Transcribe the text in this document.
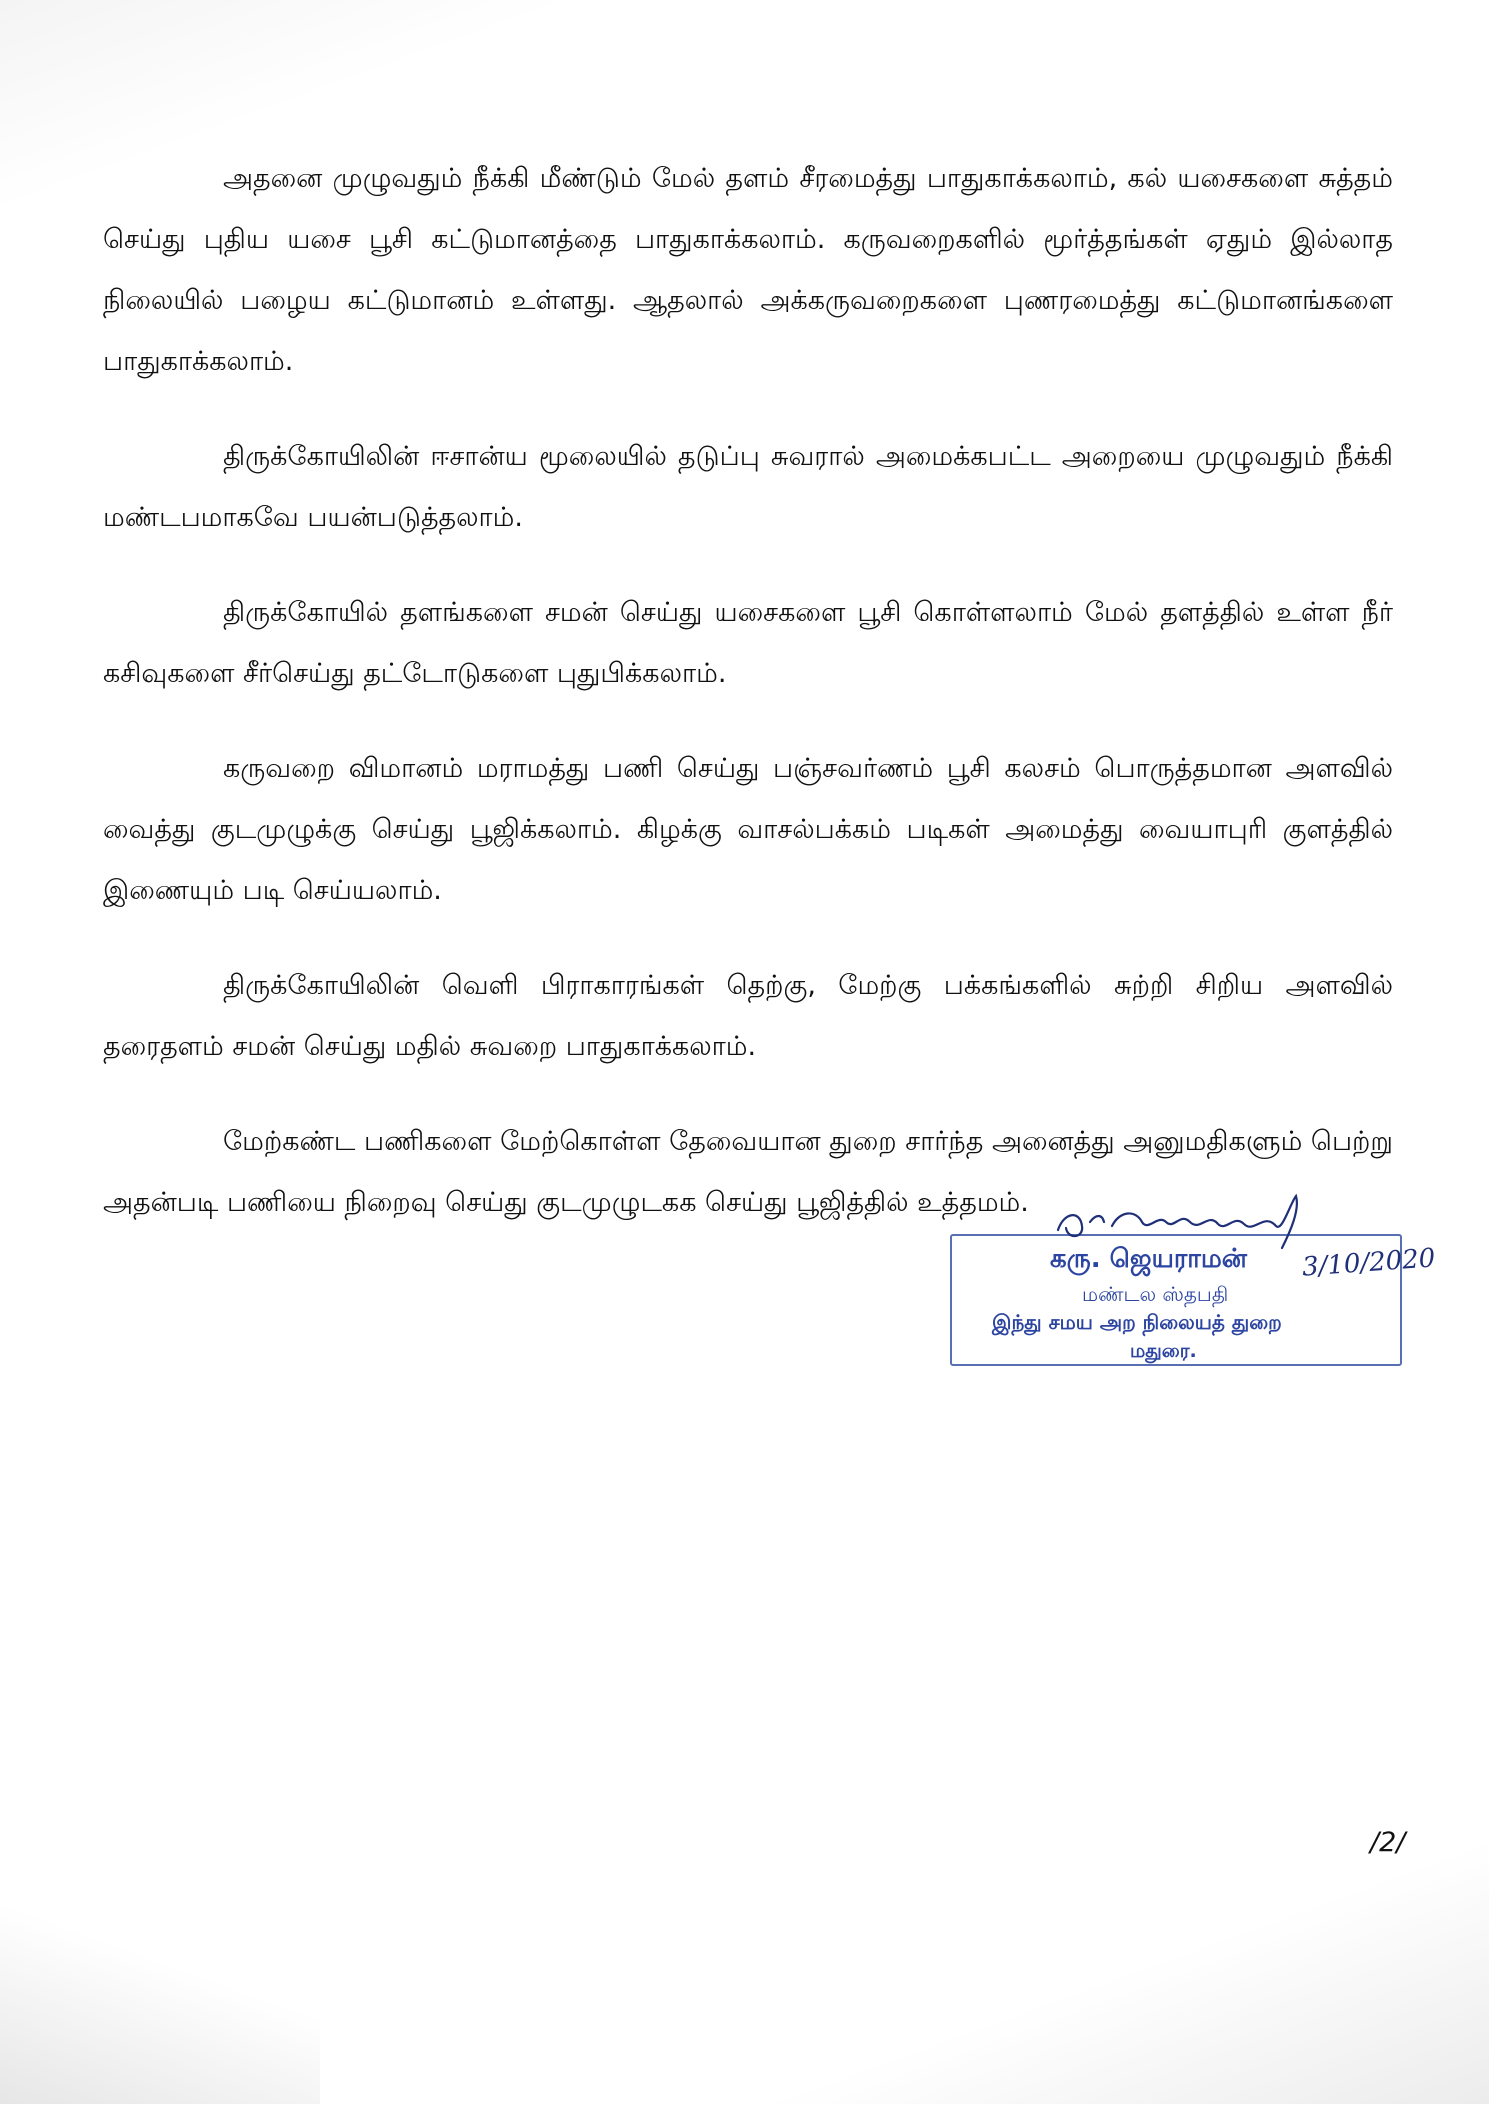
அதனை முழுவதும் நீக்கி மீண்டும் மேல் தளம் சீரமைத்து பாதுகாக்கலாம், கல் யசைகளை சுத்தம் செய்து புதிய யசை பூசி கட்டுமானத்தை பாதுகாக்கலாம். கருவறைகளில் மூர்த்தங்கள் ஏதும் இல்லாத நிலையில் பழைய கட்டுமானம் உள்ளது. ஆதலால் அக்கருவறைகளை புணரமைத்து கட்டுமானங்களை பாதுகாக்கலாம்.

திருக்கோயிலின் ஈசான்ய மூலையில் தடுப்பு சுவரால் அமைக்கபட்ட அறையை முழுவதும் நீக்கி மண்டபமாகவே பயன்படுத்தலாம்.

திருக்கோயில் தளங்களை சமன் செய்து யசைகளை பூசி கொள்ளலாம் மேல் தளத்தில் உள்ள நீர் கசிவுகளை சீர்செய்து தட்டோடுகளை புதுபிக்கலாம்.

கருவறை விமானம் மராமத்து பணி செய்து பஞ்சவர்ணம் பூசி கலசம் பொருத்தமான அளவில் வைத்து குடமுழுக்கு செய்து பூஜிக்கலாம். கிழக்கு வாசல்பக்கம் படிகள் அமைத்து வையாபுரி குளத்தில் இணையும் படி செய்யலாம்.

திருக்கோயிலின் வெளி பிராகாரங்கள் தெற்கு, மேற்கு பக்கங்களில் சுற்றி சிறிய அளவில் தரைதளம் சமன் செய்து மதில் சுவறை பாதுகாக்கலாம்.

மேற்கண்ட பணிகளை மேற்கொள்ள தேவையான துறை சார்ந்த அனைத்து அனுமதிகளும் பெற்று அதன்படி பணியை நிறைவு செய்து குடமுழுடகக செய்து பூஜித்தில் உத்தமம்.

கரு. ஜெயராமன்
மண்டல ஸ்தபதி
இந்து சமய அற நிலையத் துறை
மதுரை.
3/10/2020
/2/
